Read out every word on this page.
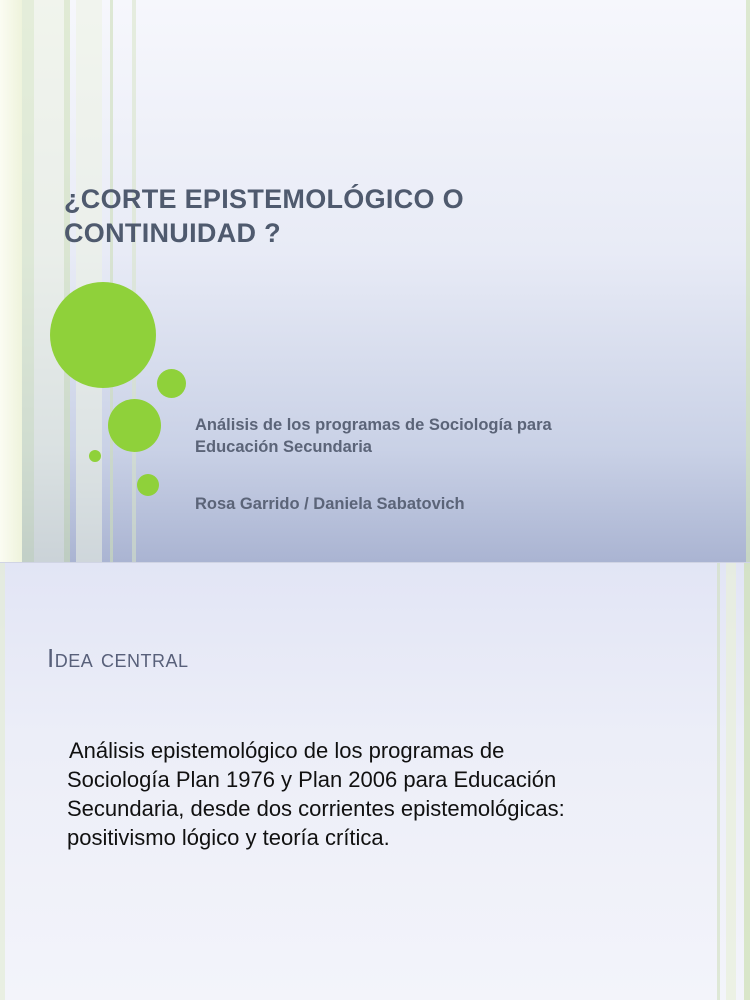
¿CORTE EPISTEMOLÓGICO O
CONTINUIDAD ?

Análisis de los programas de Sociología para
Educación Secundaria

Rosa Garrido / Daniela Sabatovich

Idea central

Análisis epistemológico de los programas de
Sociología Plan 1976 y Plan 2006 para Educación
Secundaria, desde dos corrientes epistemológicas:
positivismo lógico y teoría crítica.
